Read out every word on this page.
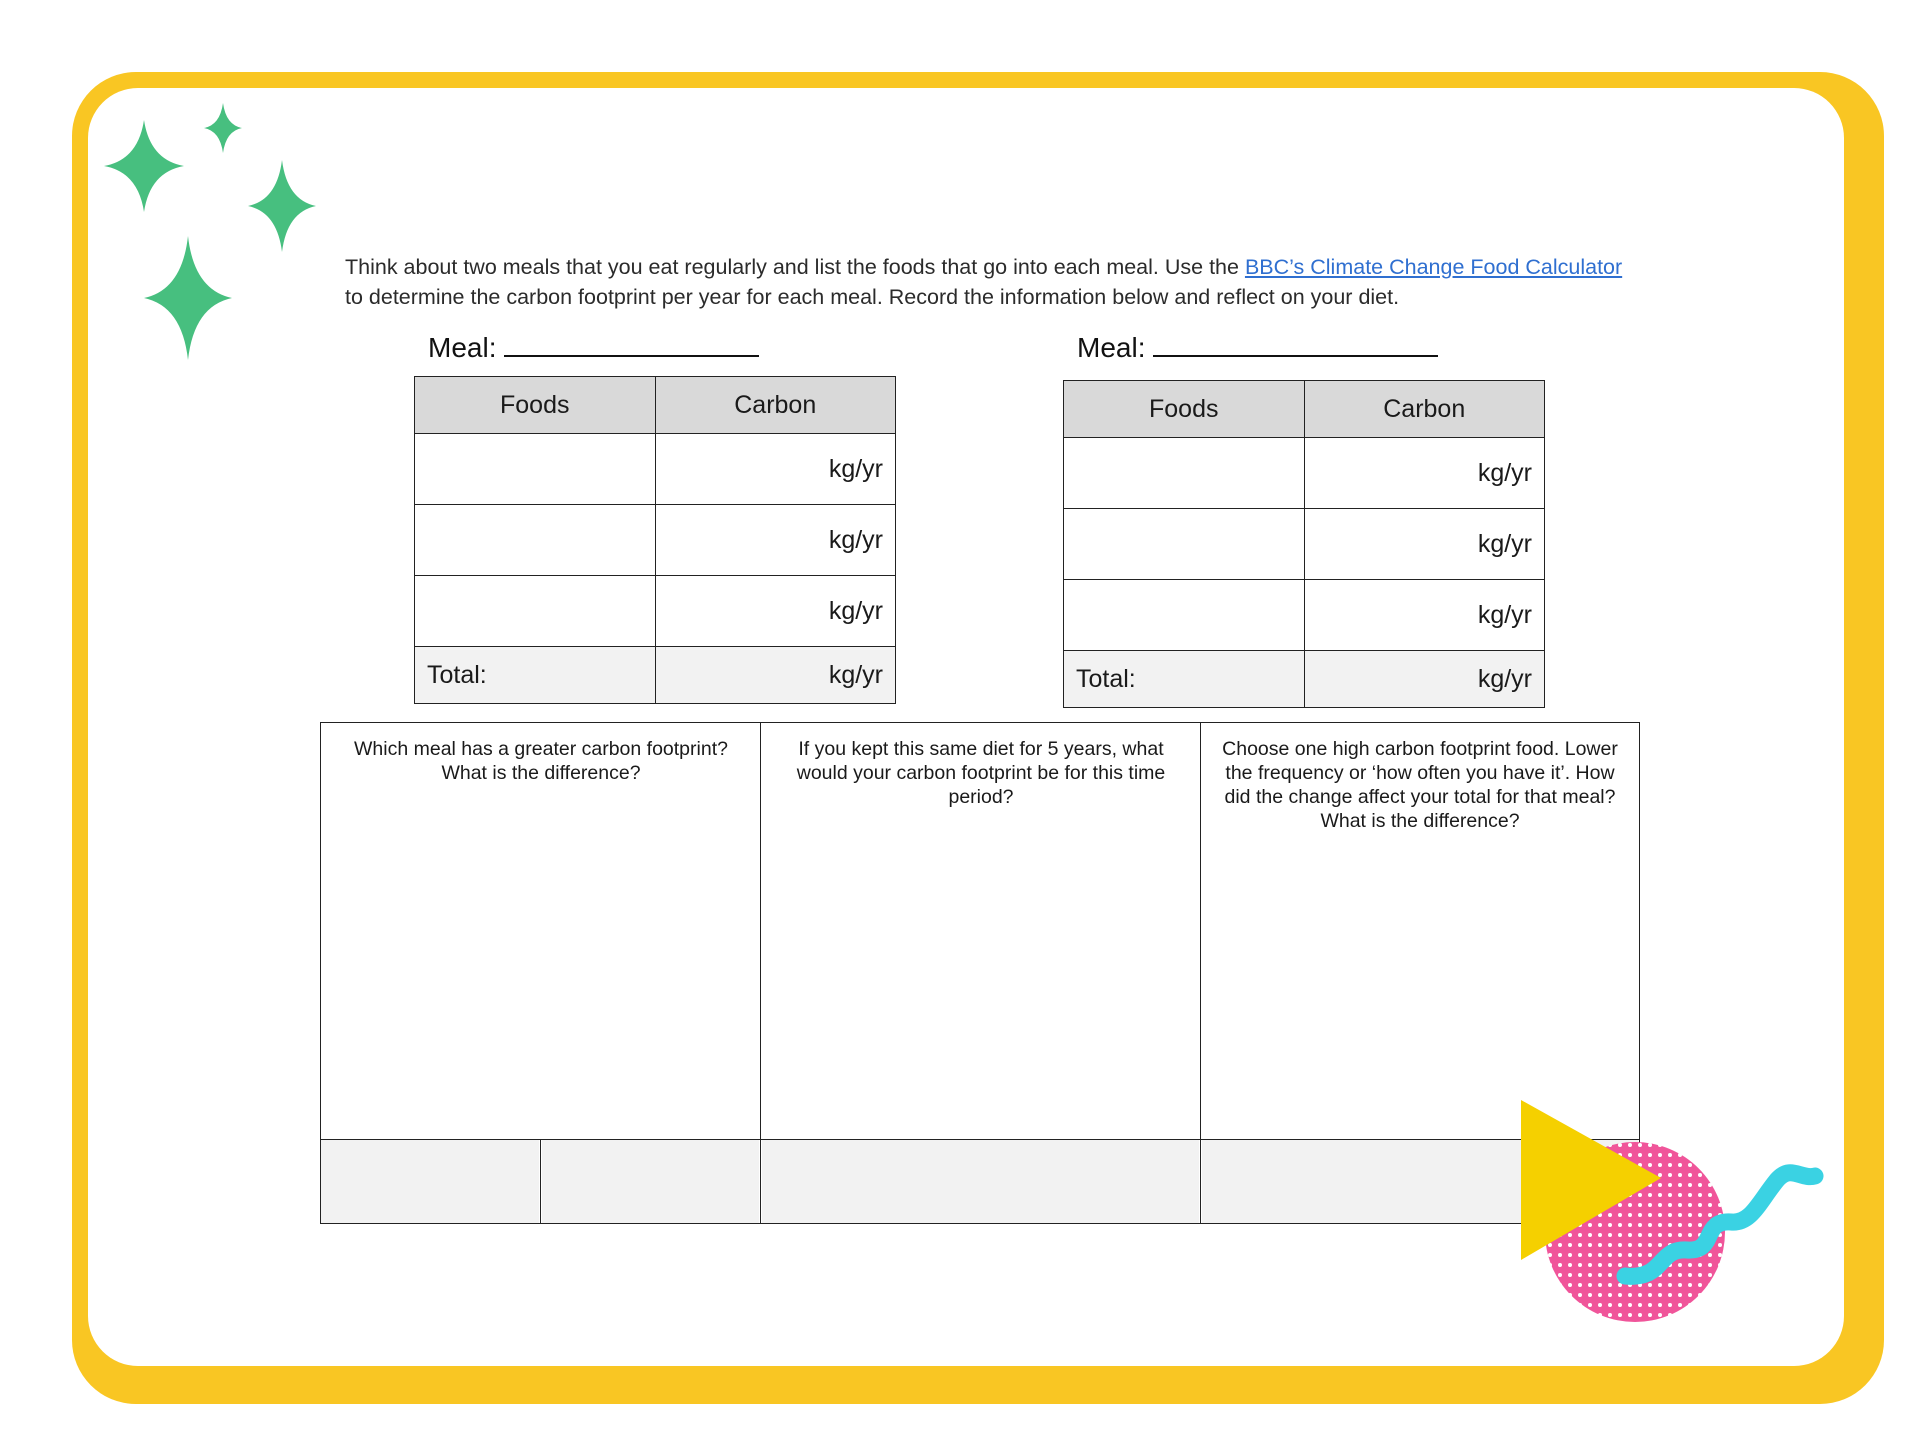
Think about two meals that you eat regularly and list the foods that go into each meal. Use the BBC’s Climate Change Food Calculator to determine the carbon footprint per year for each meal. Record the information below and reflect on your diet.
Meal:
Foods	Carbon
	kg/yr
	kg/yr
	kg/yr
Total:	kg/yr
Meal:
Foods	Carbon
	kg/yr
	kg/yr
	kg/yr
Total:	kg/yr
Which meal has a greater carbon footprint? What is the difference?
If you kept this same diet for 5 years, what would your carbon footprint be for this time period?
Choose one high carbon footprint food. Lower the frequency or ‘how often you have it’. How did the change affect your total for that meal? What is the difference?
